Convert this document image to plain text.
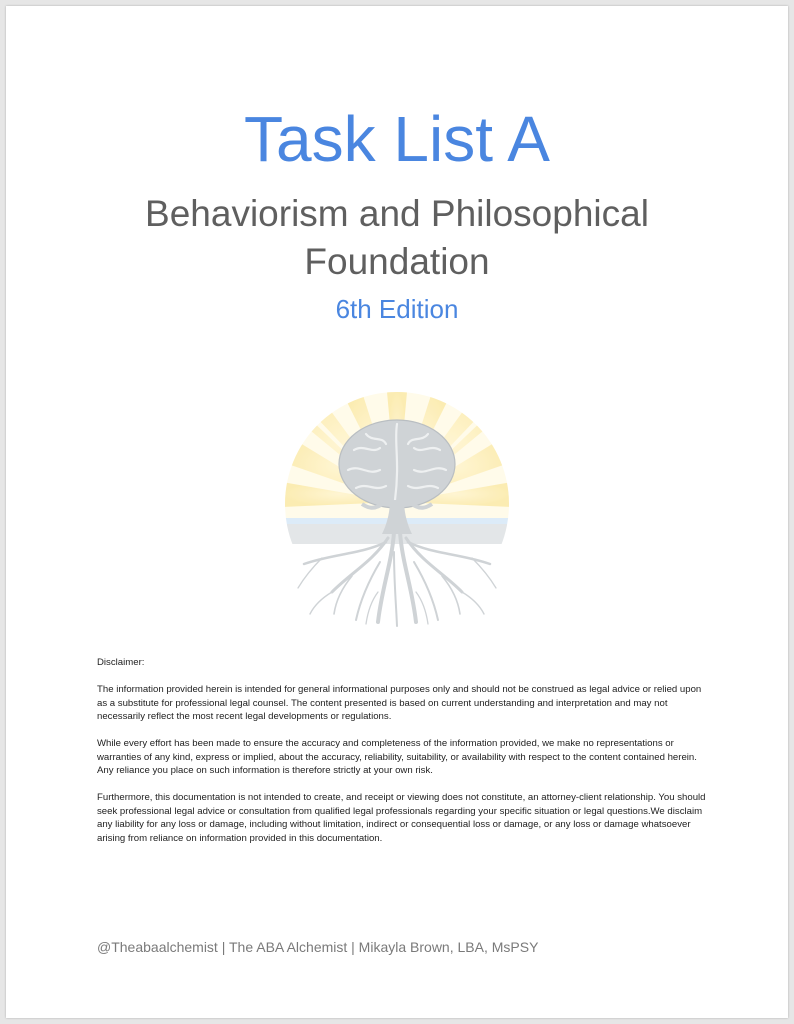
Task List A
Behaviorism and Philosophical Foundation
6th Edition

Disclaimer:

The information provided herein is intended for general informational purposes only and should not be construed as legal advice or relied upon as a substitute for professional legal counsel. The content presented is based on current understanding and interpretation and may not necessarily reflect the most recent legal developments or regulations.

While every effort has been made to ensure the accuracy and completeness of the information provided, we make no representations or warranties of any kind, express or implied, about the accuracy, reliability, suitability, or availability with respect to the content contained herein. Any reliance you place on such information is therefore strictly at your own risk.

Furthermore, this documentation is not intended to create, and receipt or viewing does not constitute, an attorney-client relationship. You should seek professional legal advice or consultation from qualified legal professionals regarding your specific situation or legal questions.We disclaim any liability for any loss or damage, including without limitation, indirect or consequential loss or damage, or any loss or damage whatsoever arising from reliance on information provided in this documentation.

@Theabaalchemist | The ABA Alchemist | Mikayla Brown, LBA, MsPSY
